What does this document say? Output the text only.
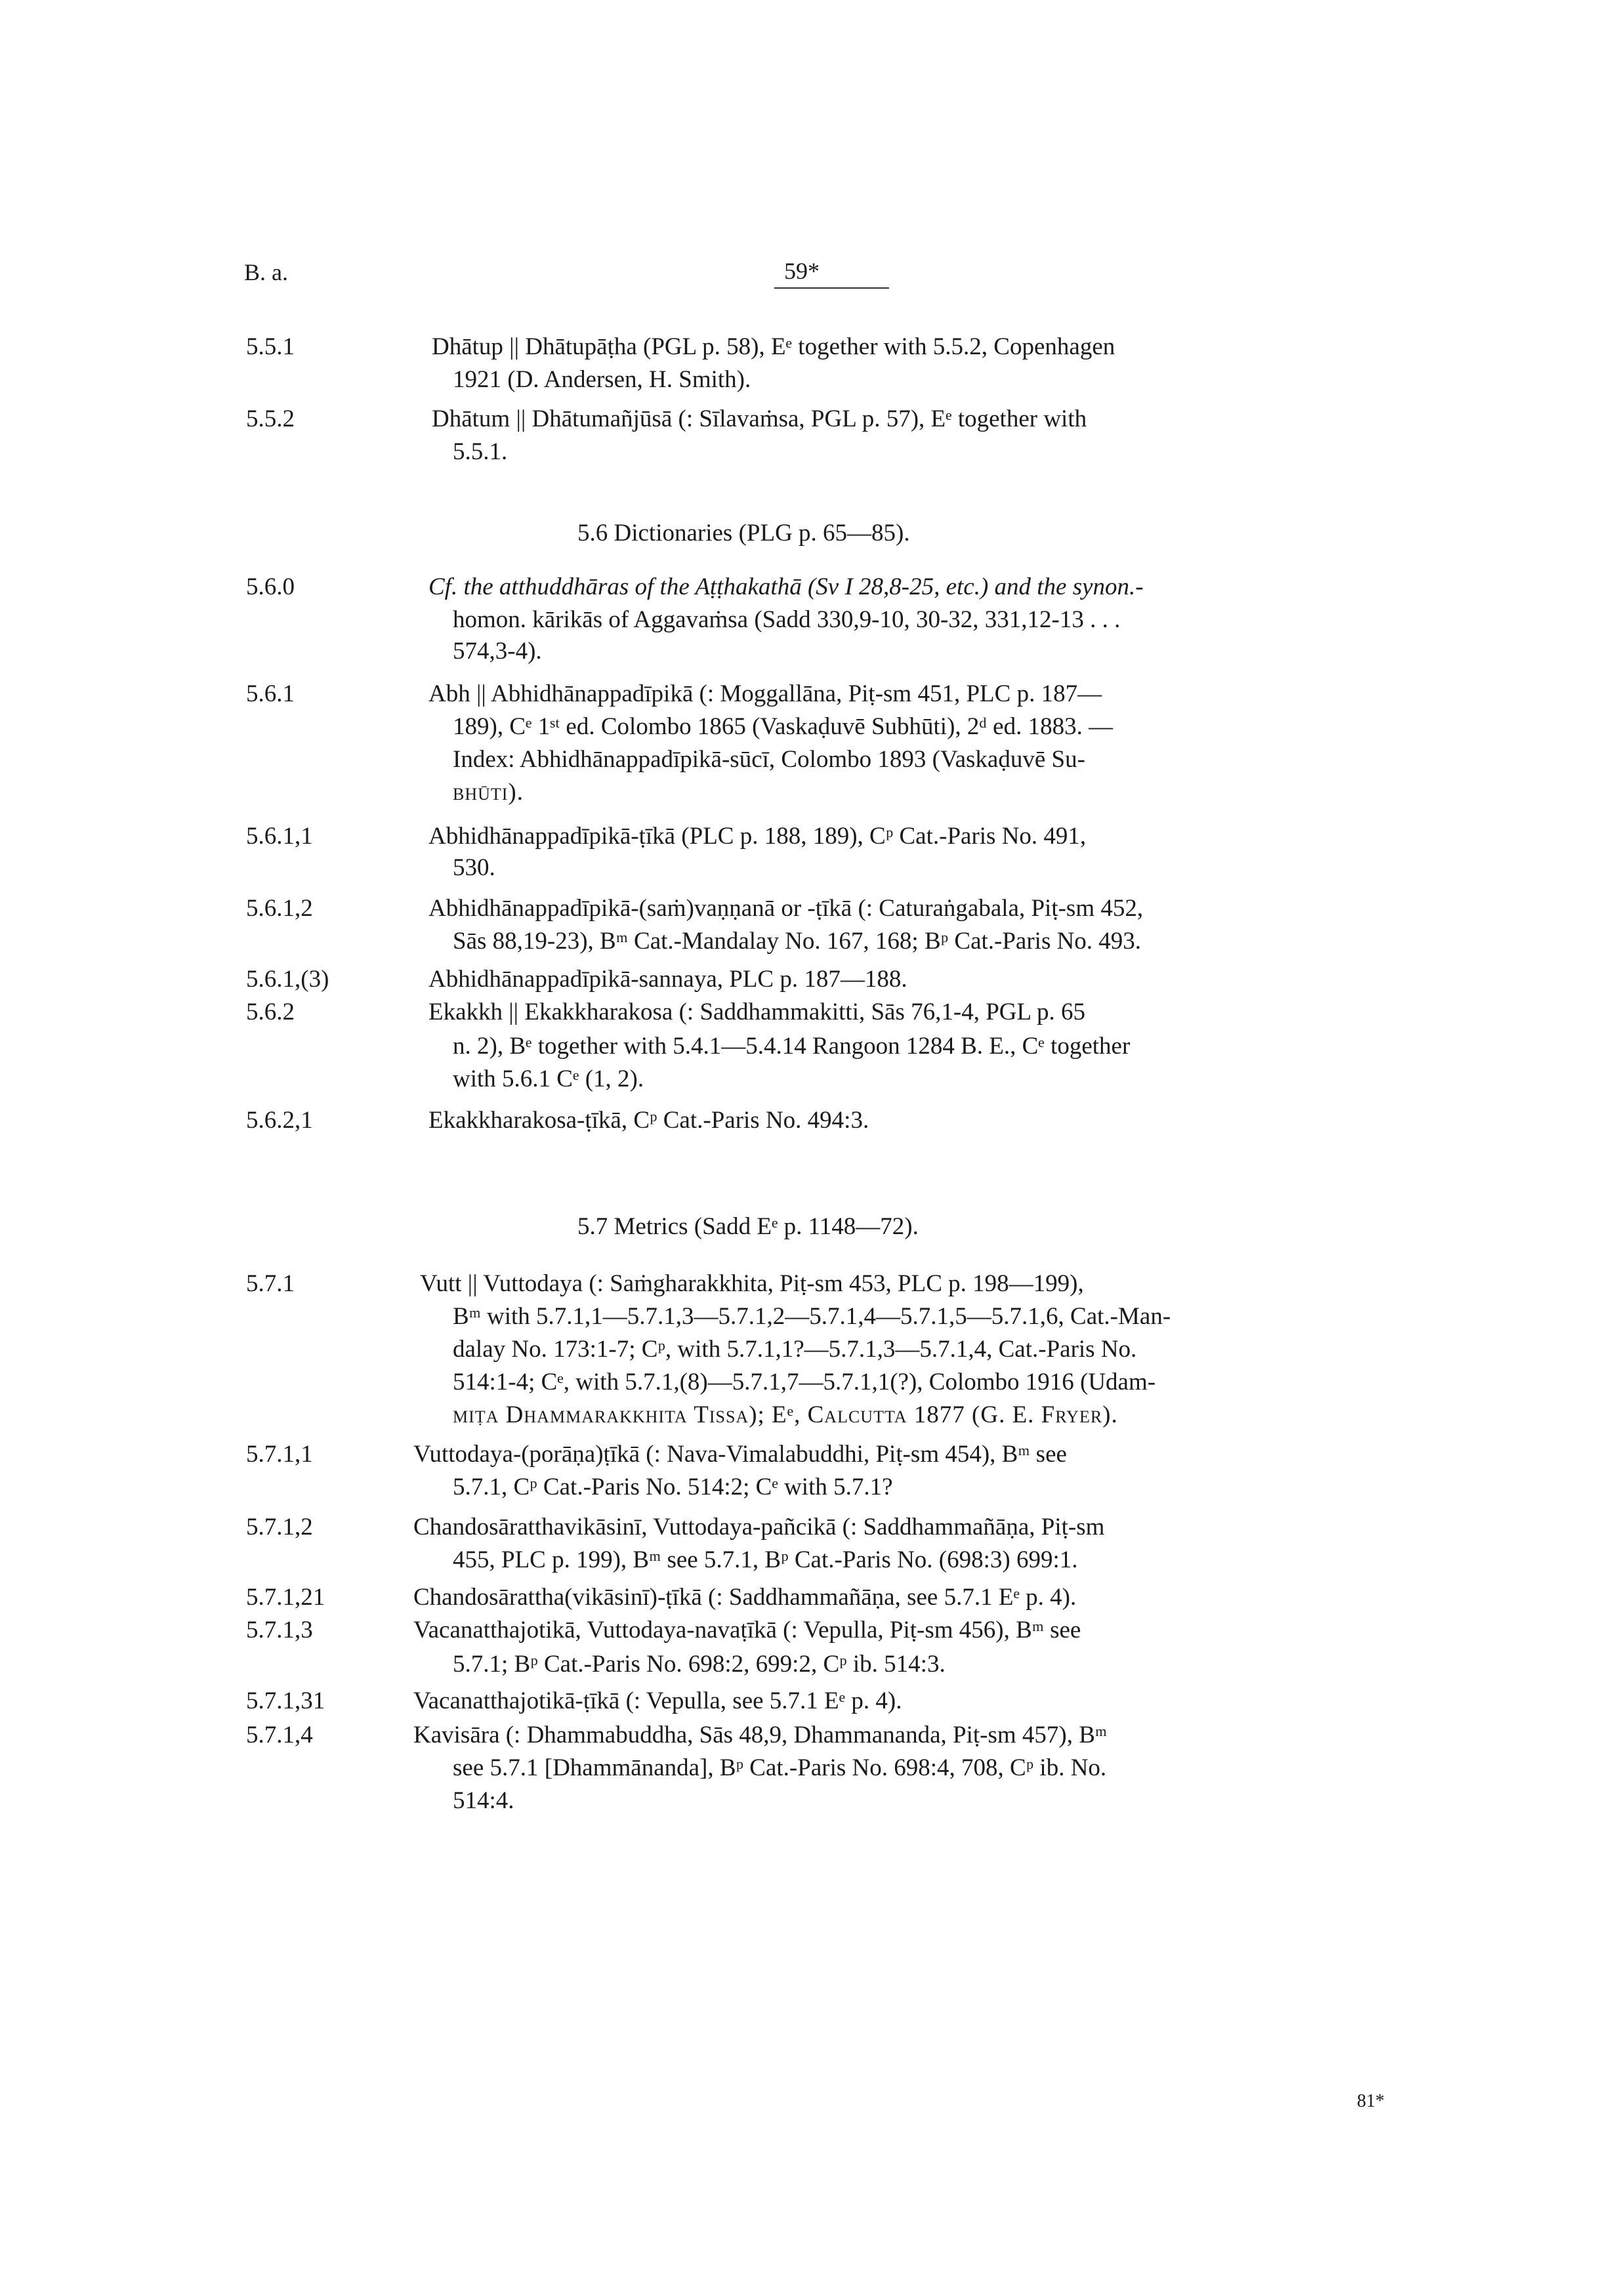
B. a.	59*
5.5.1	Dhātup || Dhātupāṭha (PGL p. 58), Eᵉ together with 5.5.2, Copenhagen
1921 (D. Andersen, H. Smith).
5.5.2	Dhātum || Dhātumañjūsā (: Sīlavaṁsa, PGL p. 57), Eᵉ together with
5.5.1.
5.6 Dictionaries (PLG p. 65—85).
5.6.0	Cf. the atthuddhāras of the Aṭṭhakathā (Sv I 28,8-25, etc.) and the synon.-
homon. kārikās of Aggavaṁsa (Sadd 330,9-10, 30-32, 331,12-13 . . .
574,3-4).
5.6.1	Abh || Abhidhānappadīpikā (: Moggallāna, Piṭ-sm 451, PLC p. 187—
189), Cᵉ 1ˢᵗ ed. Colombo 1865 (Vaskaḍuvē Subhūti), 2ᵈ ed. 1883. —
Index: Abhidhānappadīpikā-sūcī, Colombo 1893 (Vaskaḍuvē Su-
bhūti).
5.6.1,1	Abhidhānappadīpikā-ṭīkā (PLC p. 188, 189), Cᵖ Cat.-Paris No. 491,
530.
5.6.1,2	Abhidhānappadīpikā-(saṁ)vaṇṇanā or -ṭīkā (: Caturaṅgabala, Piṭ-sm 452,
Sās 88,19-23), Bᵐ Cat.-Mandalay No. 167, 168; Bᵖ Cat.-Paris No. 493.
5.6.1,(3)	Abhidhānappadīpikā-sannaya, PLC p. 187—188.
5.6.2	Ekakkh || Ekakkharakosa (: Saddhammakitti, Sās 76,1-4, PGL p. 65
n. 2), Bᵉ together with 5.4.1—5.4.14 Rangoon 1284 B. E., Cᵉ together
with 5.6.1 Cᵉ (1, 2).
5.6.2,1	Ekakkharakosa-ṭīkā, Cᵖ Cat.-Paris No. 494:3.
5.7 Metrics (Sadd Eᵉ p. 1148—72).
5.7.1	Vutt || Vuttodaya (: Saṁgharakkhita, Piṭ-sm 453, PLC p. 198—199),
Bᵐ with 5.7.1,1—5.7.1,3—5.7.1,2—5.7.1,4—5.7.1,5—5.7.1,6, Cat.-Man-
dalay No. 173:1-7; Cᵖ, with 5.7.1,1?—5.7.1,3—5.7.1,4, Cat.-Paris No.
514:1-4; Cᵉ, with 5.7.1,(8)—5.7.1,7—5.7.1,1(?), Colombo 1916 (Udam-
miṭa Dhammarakkhita Tissa); Eᵉ, Calcutta 1877 (G. E. Fryer).
5.7.1,1	Vuttodaya-(porāṇa)ṭīkā (: Nava-Vimalabuddhi, Piṭ-sm 454), Bᵐ see
5.7.1, Cᵖ Cat.-Paris No. 514:2; Cᵉ with 5.7.1?
5.7.1,2	Chandosāratthavikāsinī, Vuttodaya-pañcikā (: Saddhammañāṇa, Piṭ-sm
455, PLC p. 199), Bᵐ see 5.7.1, Bᵖ Cat.-Paris No. (698:3) 699:1.
5.7.1,21	Chandosārattha(vikāsinī)-ṭīkā (: Saddhammañāṇa, see 5.7.1 Eᵉ p. 4).
5.7.1,3	Vacanatthajotikā, Vuttodaya-navaṭīkā (: Vepulla, Piṭ-sm 456), Bᵐ see
5.7.1; Bᵖ Cat.-Paris No. 698:2, 699:2, Cᵖ ib. 514:3.
5.7.1,31	Vacanatthajotikā-ṭīkā (: Vepulla, see 5.7.1 Eᵉ p. 4).
5.7.1,4	Kavisāra (: Dhammabuddha, Sās 48,9, Dhammananda, Piṭ-sm 457), Bᵐ
see 5.7.1 [Dhammānanda], Bᵖ Cat.-Paris No. 698:4, 708, Cᵖ ib. No.
514:4.
81*
